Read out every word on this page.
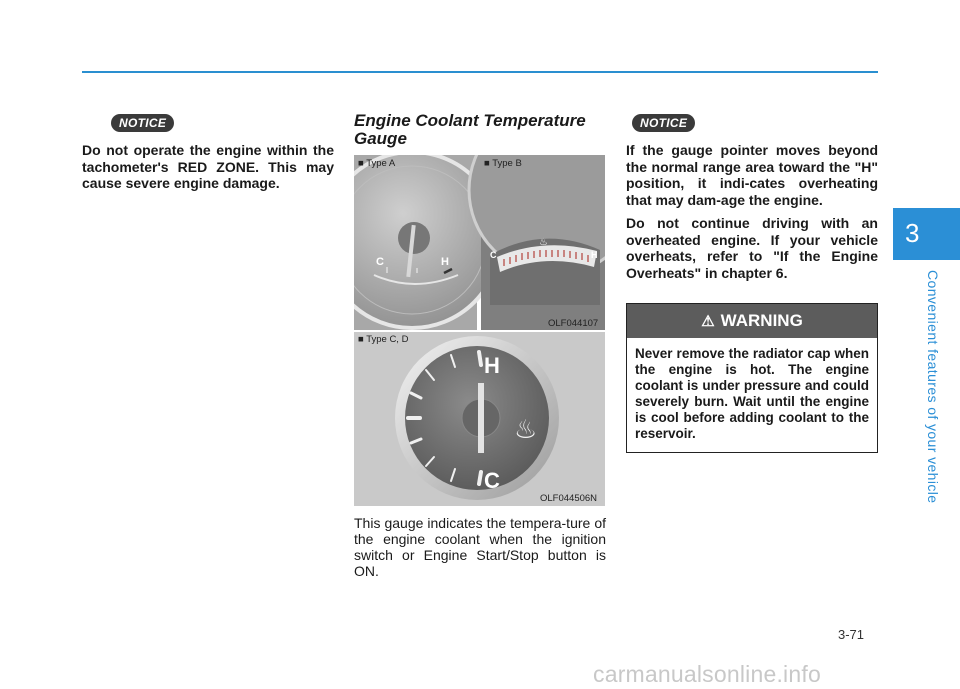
NOTICE

Do not operate the engine within the tachometer's RED ZONE. This may cause severe engine damage.

Engine Coolant Temperature Gauge
C	H
C	H
♨
H
C
♨
■ Type A	■ Type B
OLF044107
■ Type C, D
OLF044506N
This gauge indicates the tempera-ture of the engine coolant when the ignition switch or Engine Start/Stop button is ON.
NOTICE

If the gauge pointer moves beyond the normal range area toward the "H" position, it indi-cates overheating that may dam-age the engine.

Do not continue driving with an overheated engine. If your vehicle overheats, refer to "If the Engine Overheats" in chapter 6.

⚠ WARNING
Never remove the radiator cap when the engine is hot. The engine coolant is under pressure and could severely burn. Wait until the engine is cool before adding coolant to the reservoir.
3
Convenient features of your vehicle
3-71
carmanualsonline.info
